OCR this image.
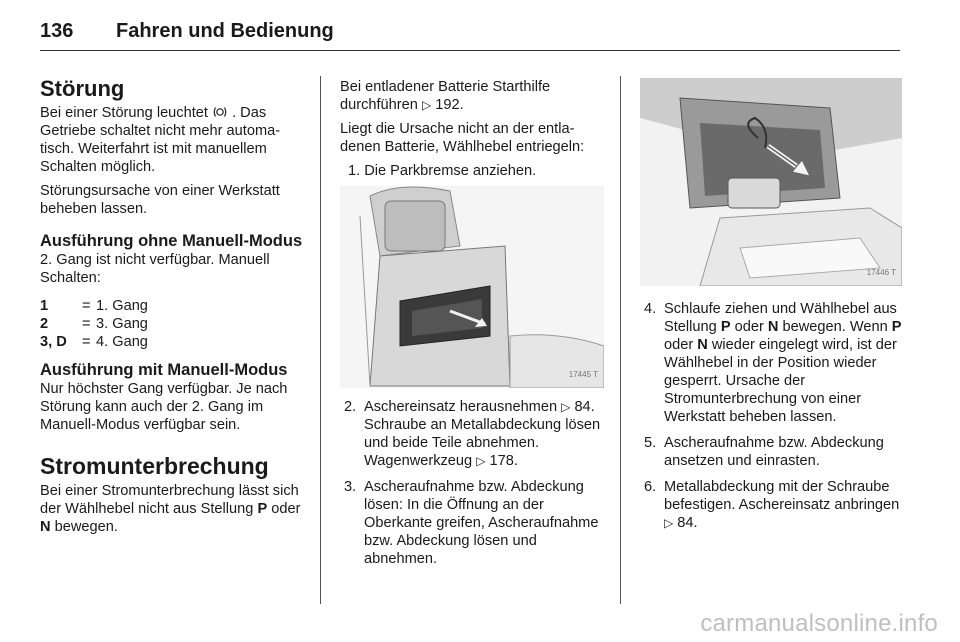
136 Fahren und Bedienung
Störung

Bei einer Störung leuchtet . Das Getriebe schaltet nicht mehr automatisch. Weiterfahrt ist mit manuellem Schalten möglich.

Störungsursache von einer Werkstatt beheben lassen.

Ausführung ohne Manuell-Modus

2. Gang ist nicht verfügbar. Manuell Schalten:

1	= 1. Gang
2	= 3. Gang
3, D	= 4. Gang
Ausführung mit Manuell-Modus

Nur höchster Gang verfügbar. Je nach Störung kann auch der 2. Gang im Manuell-Modus verfügbar sein.

Stromunterbrechung

Bei einer Stromunterbrechung lässt sich der Wählhebel nicht aus Stellung P oder N bewegen.

Bei entladener Batterie Starthilfe durchführen ▷ 192.

Liegt die Ursache nicht an der entladenen Batterie, Wählhebel entriegeln:

1. Die Parkbremse anziehen.

17445 T
2. Aschereinsatz herausnehmen ▷ 84. Schraube an Metallabdeckung lösen und beide Teile abnehmen. Wagenwerkzeug ▷ 178.
3. Ascheraufnahme bzw. Abdeckung lösen: In die Öffnung an der Oberkante greifen, Ascheraufnahme bzw. Abdeckung lösen und abnehmen.
17446 T
4. Schlaufe ziehen und Wählhebel aus Stellung P oder N bewegen. Wenn P oder N wieder eingelegt wird, ist der Wählhebel in der Position wieder gesperrt. Ursache der Stromunterbrechung von einer Werkstatt beheben lassen.
5. Ascheraufnahme bzw. Abdeckung ansetzen und einrasten.
6. Metallabdeckung mit der Schraube befestigen. Aschereinsatz anbringen ▷ 84.
carmanualsonline.info
